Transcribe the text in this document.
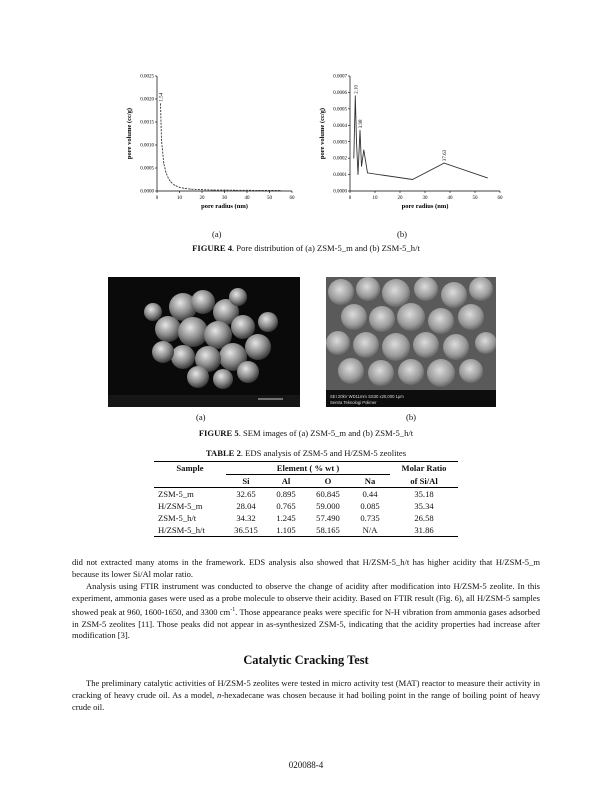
0	10	20	30	40	50	60
0.0000
0.0005
0.0010
0.0015
0.0020
0.0025
pore radius (nm)
pore volume (cc/g)
1.54
0	10	20	30	40	50	60
0.0000
0.0001
0.0002
0.0003
0.0004
0.0005
0.0006
0.0007
pore radius (nm)
pore volume (cc/g)
2.10
3.98
37.63
(a)	(b)
FIGURE 4. Pore distribution of (a) ZSM-5_m and (b) ZSM-5_h/t
SEI 20kV WD11mm SS30 x20,000 1μm
Sentra Teknologi Polimer
(a)	(b)
FIGURE 5. SEM images of (a) ZSM-5_m and (b) ZSM-5_h/t
TABLE 2. EDS analysis of ZSM-5 and H/ZSM-5 zeolites
Sample	Element ( % wt )				Molar Ratio
	Si	Al	O	Na	of Si/Al
ZSM-5_m	32.65	0.895	60.845	0.44	35.18
H/ZSM-5_m	28.04	0.765	59.000	0.085	35.34
ZSM-5_h/t	34.32	1.245	57.490	0.735	26.58
H/ZSM-5_h/t	36.515	1.105	58.165	N/A	31.86
did not extracted many atoms in the framework. EDS analysis also showed that H/ZSM-5_h/t has higher acidity that H/ZSM-5_m because its lower Si/Al molar ratio.
Analysis using FTIR instrument was conducted to observe the change of acidity after modification into H/ZSM-5 zeolite. In this experiment, ammonia gases were used as a probe molecule to observe their acidity. Based on FTIR result (Fig. 6), all H/ZSM-5 samples showed peak at 960, 1600-1650, and 3300 $cm^{-1}$. Those appearance peaks were specific for N-H vibration from ammonia gases adsorbed in ZSM-5 zeolites [11]. Those peaks did not appear in as-synthesized ZSM-5, indicating that the acidity properties had increase after modification [3].
Catalytic Cracking Test
The preliminary catalytic activities of H/ZSM-5 zeolites were tested in micro activity test (MAT) reactor to measure their activity in cracking of heavy crude oil. As a model, n-hexadecane was chosen because it had boiling point in the range of boiling point of heavy crude oil.
020088-4
